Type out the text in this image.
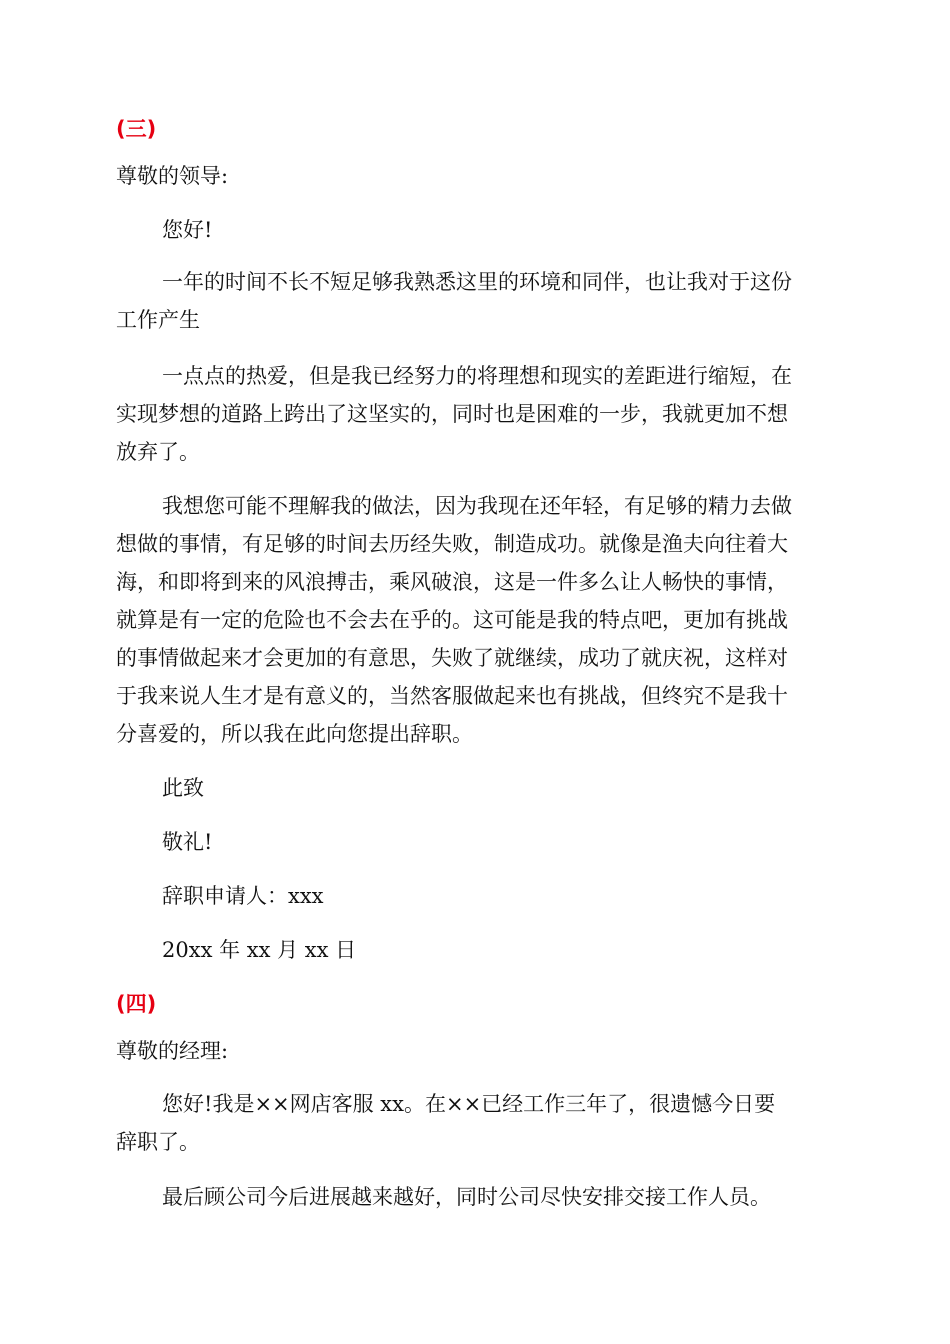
(三)
尊敬的领导:
您好!
一年的时间不长不短足够我熟悉这里的环境和同伴，也让我对于这份
工作产生
一点点的热爱，但是我已经努力的将理想和现实的差距进行缩短，在
实现梦想的道路上跨出了这坚实的，同时也是困难的一步，我就更加不想
放弃了。
我想您可能不理解我的做法，因为我现在还年轻，有足够的精力去做
想做的事情，有足够的时间去历经失败，制造成功。就像是渔夫向往着大
海，和即将到来的风浪搏击，乘风破浪，这是一件多么让人畅快的事情，
就算是有一定的危险也不会去在乎的。这可能是我的特点吧，更加有挑战
的事情做起来才会更加的有意思，失败了就继续，成功了就庆祝，这样对
于我来说人生才是有意义的，当然客服做起来也有挑战，但终究不是我十
分喜爱的，所以我在此向您提出辞职。
此致
敬礼!
辞职申请人：xxx
20xx 年 xx 月 xx 日
(四)
尊敬的经理:
您好!我是××网店客服 xx。在××已经工作三年了，很遗憾今日要
辞职了。
最后顾公司今后进展越来越好，同时公司尽快安排交接工作人员。
